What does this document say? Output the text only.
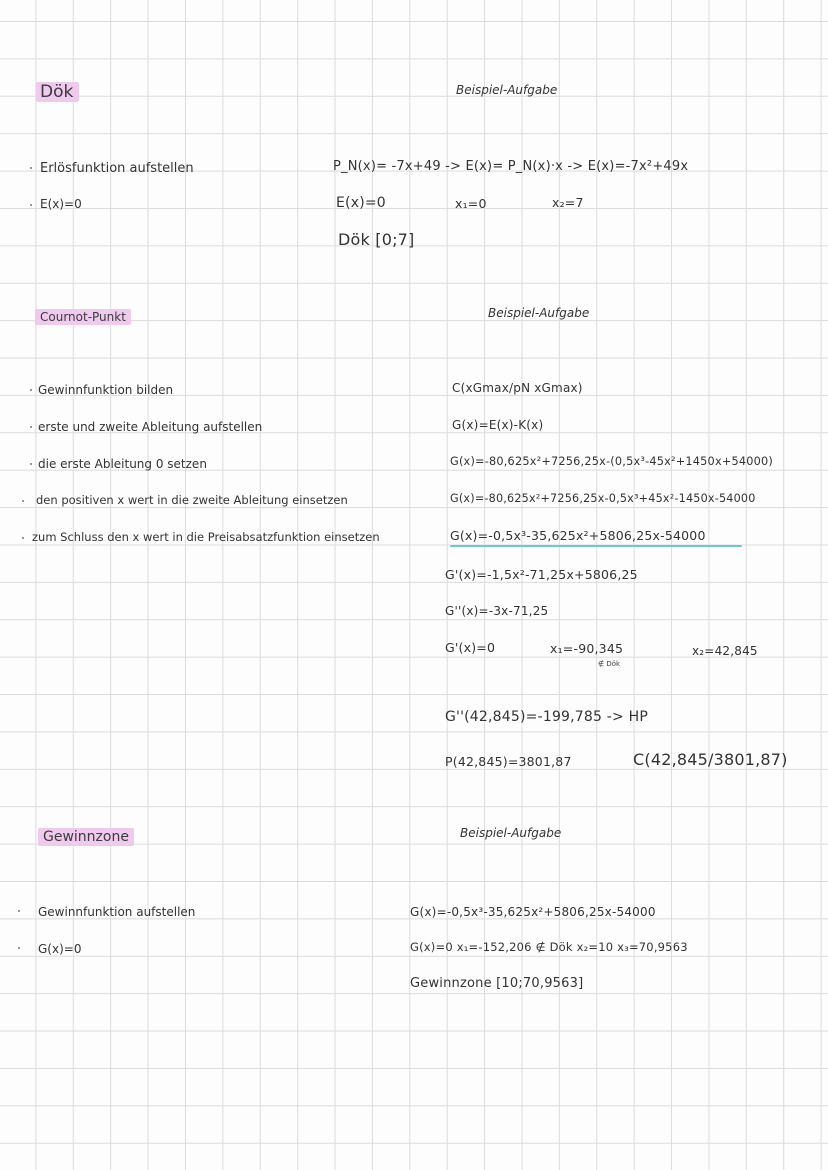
Dök	Beispiel-Aufgabe
Erlösfunktion aufstellen
E(x)=0
P_N(x)= -7x+49 -> E(x)= P_N(x)·x -> E(x)=-7x²+49x
E(x)=0	x₁=0	x₂=7
Dök [0;7]
Cournot-Punkt	Beispiel-Aufgabe
Gewinnfunktion bilden
erste und zweite Ableitung aufstellen
die erste Ableitung 0 setzen
den positiven x wert in die zweite Ableitung einsetzen
zum Schluss den x wert in die Preisabsatzfunktion einsetzen
C(xGmax/pN xGmax)
G(x)=E(x)-K(x)
G(x)=-80,625x²+7256,25x-(0,5x³-45x²+1450x+54000)
G(x)=-80,625x²+7256,25x-0,5x³+45x²-1450x-54000
G(x)=-0,5x³-35,625x²+5806,25x-54000
G'(x)=-1,5x²-71,25x+5806,25
G''(x)=-3x-71,25
G'(x)=0	x₁=-90,345
∉ Dök
x₂=42,845
G''(42,845)=-199,785 -> HP
P(42,845)=3801,87	C(42,845/3801,87)
Gewinnzone	Beispiel-Aufgabe
Gewinnfunktion aufstellen
G(x)=0
G(x)=-0,5x³-35,625x²+5806,25x-54000
G(x)=0 x₁=-152,206 ∉ Dök x₂=10 x₃=70,9563
Gewinnzone [10;70,9563]
